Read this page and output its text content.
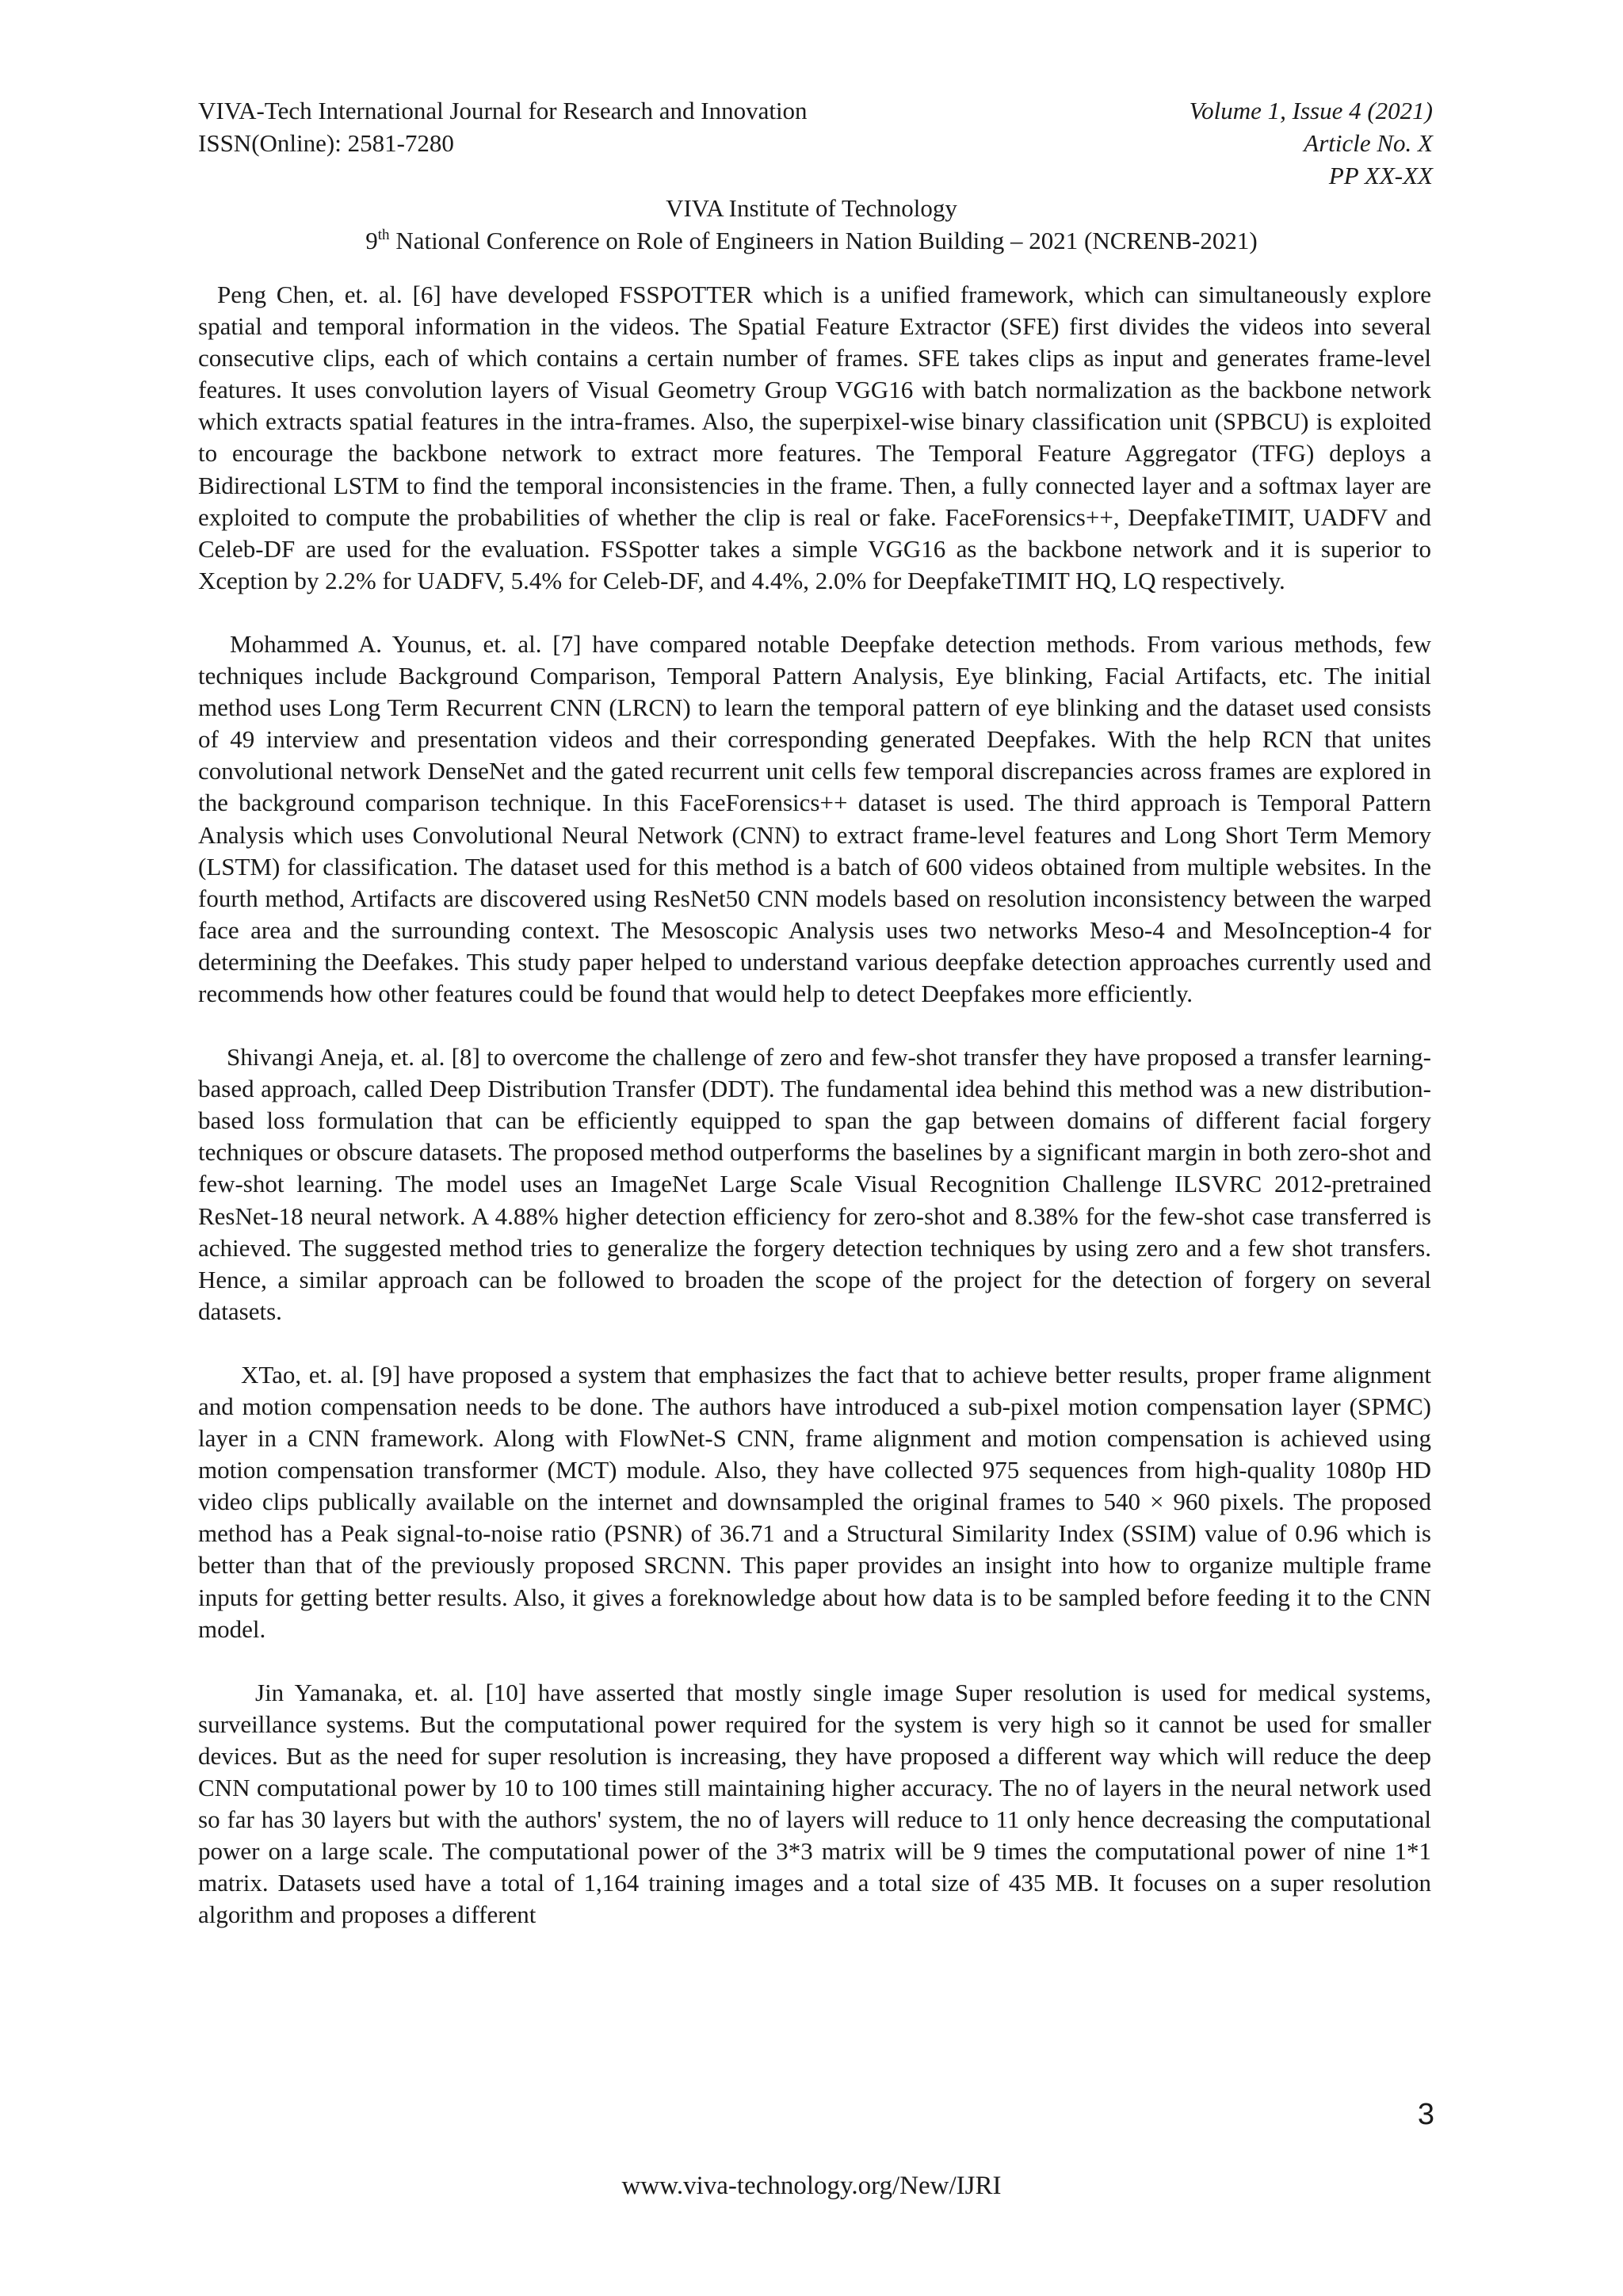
VIVA-Tech International Journal for Research and Innovation
ISSN(Online): 2581-7280
Volume 1, Issue 4 (2021)
Article No. X
PP XX-XX
VIVA Institute of Technology
9th National Conference on Role of Engineers in Nation Building – 2021 (NCRENB-2021)

Peng Chen, et. al. [6] have developed FSSPOTTER which is a unified framework, which can simultaneously explore spatial and temporal information in the videos. The Spatial Feature Extractor (SFE) first divides the videos into several consecutive clips, each of which contains a certain number of frames. SFE takes clips as input and generates frame-level features. It uses convolution layers of Visual Geometry Group VGG16 with batch normalization as the backbone network which extracts spatial features in the intra-frames. Also, the superpixel-wise binary classification unit (SPBCU) is exploited to encourage the backbone network to extract more features. The Temporal Feature Aggregator (TFG) deploys a Bidirectional LSTM to find the temporal inconsistencies in the frame. Then, a fully connected layer and a softmax layer are exploited to compute the probabilities of whether the clip is real or fake. FaceForensics++, DeepfakeTIMIT, UADFV and Celeb-DF are used for the evaluation. FSSpotter takes a simple VGG16 as the backbone network and it is superior to Xception by 2.2% for UADFV, 5.4% for Celeb-DF, and 4.4%, 2.0% for DeepfakeTIMIT HQ, LQ respectively.

Mohammed A. Younus, et. al. [7] have compared notable Deepfake detection methods. From various methods, few techniques include Background Comparison, Temporal Pattern Analysis, Eye blinking, Facial Artifacts, etc. The initial method uses Long Term Recurrent CNN (LRCN) to learn the temporal pattern of eye blinking and the dataset used consists of 49 interview and presentation videos and their corresponding generated Deepfakes. With the help RCN that unites convolutional network DenseNet and the gated recurrent unit cells few temporal discrepancies across frames are explored in the background comparison technique. In this FaceForensics++ dataset is used. The third approach is Temporal Pattern Analysis which uses Convolutional Neural Network (CNN) to extract frame-level features and Long Short Term Memory (LSTM) for classification. The dataset used for this method is a batch of 600 videos obtained from multiple websites. In the fourth method, Artifacts are discovered using ResNet50 CNN models based on resolution inconsistency between the warped face area and the surrounding context. The Mesoscopic Analysis uses two networks Meso-4 and MesoInception-4 for determining the Deefakes. This study paper helped to understand various deepfake detection approaches currently used and recommends how other features could be found that would help to detect Deepfakes more efficiently.

Shivangi Aneja, et. al. [8] to overcome the challenge of zero and few-shot transfer they have proposed a transfer learning-based approach, called Deep Distribution Transfer (DDT). The fundamental idea behind this method was a new distribution-based loss formulation that can be efficiently equipped to span the gap between domains of different facial forgery techniques or obscure datasets. The proposed method outperforms the baselines by a significant margin in both zero-shot and few-shot learning. The model uses an ImageNet Large Scale Visual Recognition Challenge ILSVRC 2012-pretrained ResNet-18 neural network. A 4.88% higher detection efficiency for zero-shot and 8.38% for the few-shot case transferred is achieved. The suggested method tries to generalize the forgery detection techniques by using zero and a few shot transfers. Hence, a similar approach can be followed to broaden the scope of the project for the detection of forgery on several datasets.

XTao, et. al. [9] have proposed a system that emphasizes the fact that to achieve better results, proper frame alignment and motion compensation needs to be done. The authors have introduced a sub-pixel motion compensation layer (SPMC) layer in a CNN framework. Along with FlowNet-S CNN, frame alignment and motion compensation is achieved using motion compensation transformer (MCT) module. Also, they have collected 975 sequences from high-quality 1080p HD video clips publically available on the internet and downsampled the original frames to 540 × 960 pixels. The proposed method has a Peak signal-to-noise ratio (PSNR) of 36.71 and a Structural Similarity Index (SSIM) value of 0.96 which is better than that of the previously proposed SRCNN. This paper provides an insight into how to organize multiple frame inputs for getting better results. Also, it gives a foreknowledge about how data is to be sampled before feeding it to the CNN model.

Jin Yamanaka, et. al. [10] have asserted that mostly single image Super resolution is used for medical systems, surveillance systems. But the computational power required for the system is very high so it cannot be used for smaller devices. But as the need for super resolution is increasing, they have proposed a different way which will reduce the deep CNN computational power by 10 to 100 times still maintaining higher accuracy. The no of layers in the neural network used so far has 30 layers but with the authors' system, the no of layers will reduce to 11 only hence decreasing the computational power on a large scale. The computational power of the 3*3 matrix will be 9 times the computational power of nine 1*1 matrix. Datasets used have a total of 1,164 training images and a total size of 435 MB. It focuses on a super resolution algorithm and proposes a different

3
www.viva-technology.org/New/IJRI
